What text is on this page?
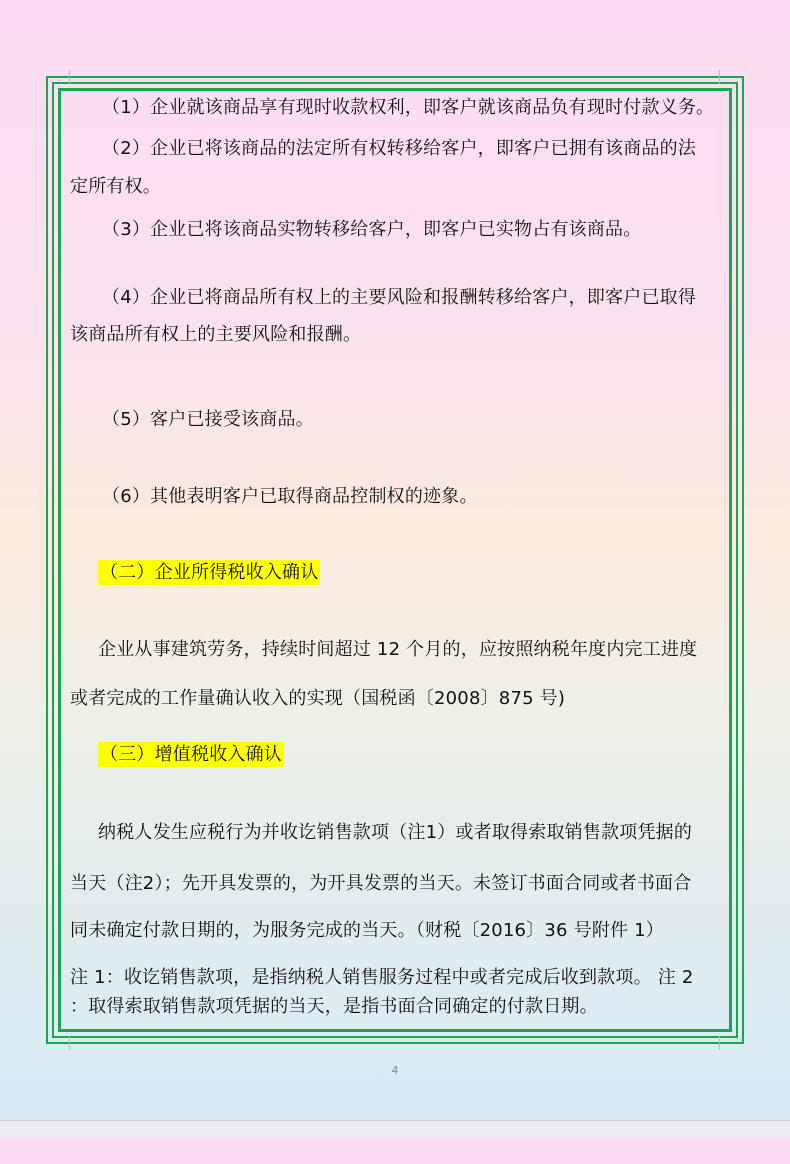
（1）企业就该商品享有现时收款权利，即客户就该商品负有现时付款义务。
（2）企业已将该商品的法定所有权转移给客户，即客户已拥有该商品的法
定所有权。
（3）企业已将该商品实物转移给客户，即客户已实物占有该商品。
（4）企业已将商品所有权上的主要风险和报酬转移给客户，即客户已取得
该商品所有权上的主要风险和报酬。
（5）客户已接受该商品。
（6）其他表明客户已取得商品控制权的迹象。
（二）企业所得税收入确认
企业从事建筑劳务，持续时间超过 12 个月的，应按照纳税年度内完工进度
或者完成的工作量确认收入的实现（国税函〔2008〕875 号)
（三）增值税收入确认
纳税人发生应税行为并收讫销售款项（注1）或者取得索取销售款项凭据的
当天（注2）；先开具发票的，为开具发票的当天。未签订书面合同或者书面合
同未确定付款日期的，为服务完成的当天。（财税〔2016〕36 号附件 1）
注 1：收讫销售款项，是指纳税人销售服务过程中或者完成后收到款项。 注 2
：取得索取销售款项凭据的当天，是指书面合同确定的付款日期。
4
